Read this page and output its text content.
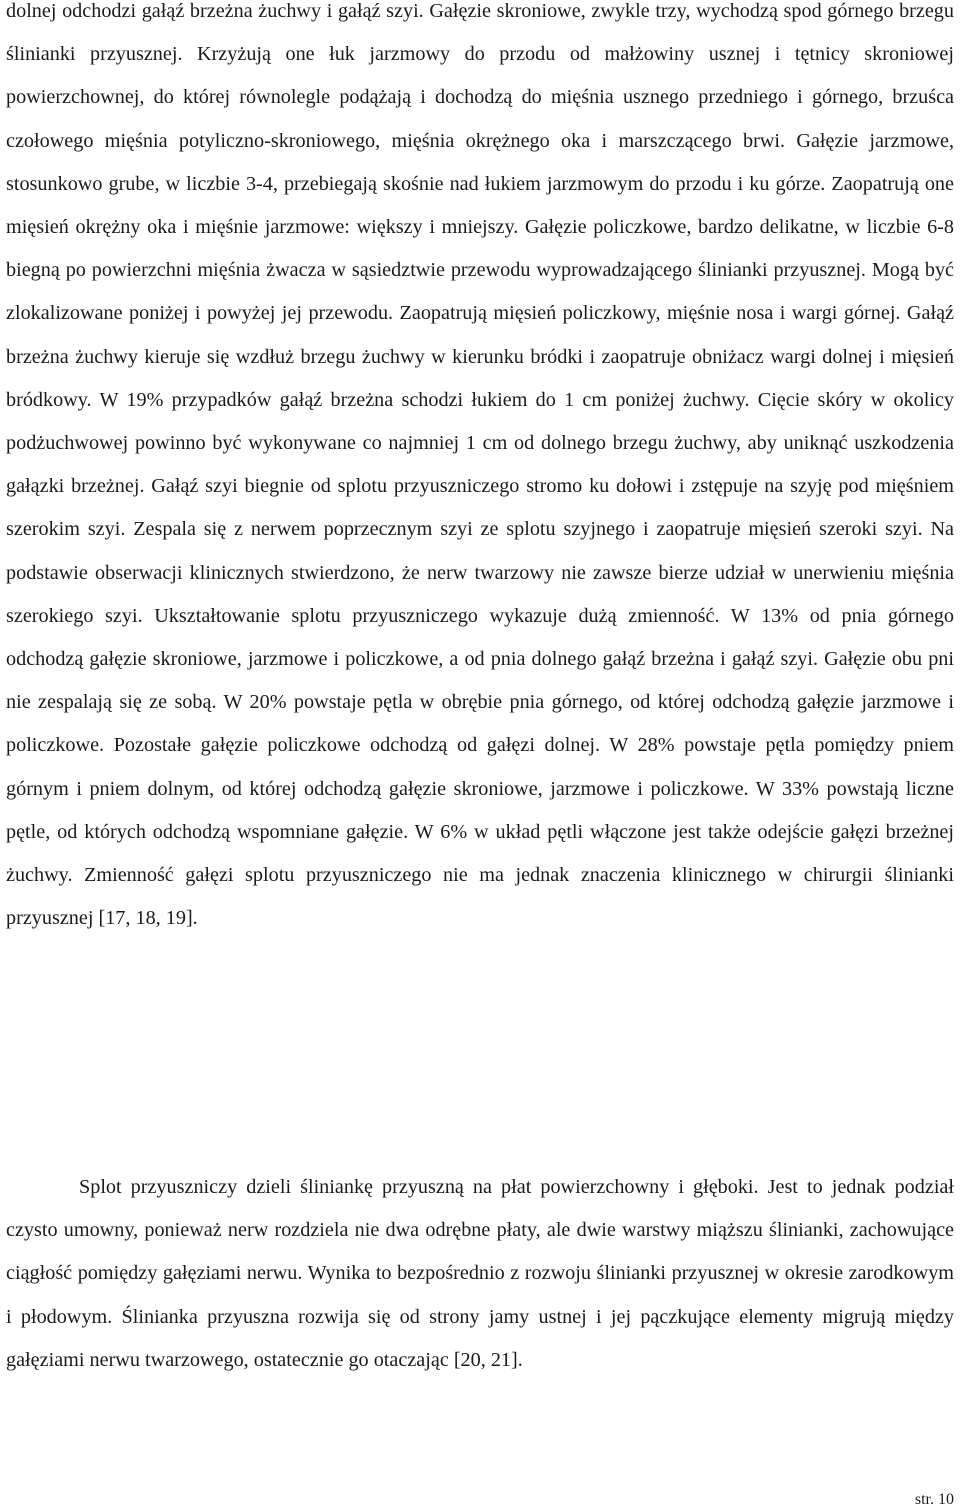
dolnej odchodzi gałąź brzeżna żuchwy i gałąź szyi. Gałęzie skroniowe, zwykle trzy, wychodzą spod górnego brzegu ślinianki przyusznej. Krzyżują one łuk jarzmowy do przodu od małżowiny usznej i tętnicy skroniowej powierzchownej, do której równolegle podążają i dochodzą do mięśnia usznego przedniego i górnego, brzuśca czołowego mięśnia potyliczno-skroniowego, mięśnia okrężnego oka i marszczącego brwi. Gałęzie jarzmowe, stosunkowo grube, w liczbie 3-4, przebiegają skośnie nad łukiem jarzmowym do przodu i ku górze. Zaopatrują one mięsień okrężny oka i mięśnie jarzmowe: większy i mniejszy. Gałęzie policzkowe, bardzo delikatne, w liczbie 6-8 biegną po powierzchni mięśnia żwacza w sąsiedztwie przewodu wyprowadzającego ślinianki przyusznej. Mogą być zlokalizowane poniżej i powyżej jej przewodu. Zaopatrują mięsień policzkowy, mięśnie nosa i wargi górnej. Gałąź brzeżna żuchwy kieruje się wzdłuż brzegu żuchwy w kierunku bródki i zaopatruje obniżacz wargi dolnej i mięsień bródkowy. W 19% przypadków gałąź brzeżna schodzi łukiem do 1 cm poniżej żuchwy. Cięcie skóry w okolicy podżuchwowej powinno być wykonywane co najmniej 1 cm od dolnego brzegu żuchwy, aby uniknąć uszkodzenia gałązki brzeżnej. Gałąź szyi biegnie od splotu przyuszniczego stromo ku dołowi i zstępuje na szyję pod mięśniem szerokim szyi. Zespala się z nerwem poprzecznym szyi ze splotu szyjnego i zaopatruje mięsień szeroki szyi. Na podstawie obserwacji klinicznych stwierdzono, że nerw twarzowy nie zawsze bierze udział w unerwieniu mięśnia szerokiego szyi. Ukształtowanie splotu przyuszniczego wykazuje dużą zmienność. W 13% od pnia górnego odchodzą gałęzie skroniowe, jarzmowe i policzkowe, a od pnia dolnego gałąź brzeżna i gałąź szyi. Gałęzie obu pni nie zespalają się ze sobą. W 20% powstaje pętla w obrębie pnia górnego, od której odchodzą gałęzie jarzmowe i policzkowe. Pozostałe gałęzie policzkowe odchodzą od gałęzi dolnej. W 28% powstaje pętla pomiędzy pniem górnym i pniem dolnym, od której odchodzą gałęzie skroniowe, jarzmowe i policzkowe. W 33% powstają liczne pętle, od których odchodzą wspomniane gałęzie. W 6% w układ pętli włączone jest także odejście gałęzi brzeżnej żuchwy. Zmienność gałęzi splotu przyuszniczego nie ma jednak znaczenia klinicznego w chirurgii ślinianki przyusznej [17, 18, 19].

Splot przyuszniczy dzieli śliniankę przyuszną na płat powierzchowny i głęboki. Jest to jednak podział czysto umowny, ponieważ nerw rozdziela nie dwa odrębne płaty, ale dwie warstwy miąższu ślinianki, zachowujące ciągłość pomiędzy gałęziami nerwu. Wynika to bezpośrednio z rozwoju ślinianki przyusznej w okresie zarodkowym i płodowym. Ślinianka przyuszna rozwija się od strony jamy ustnej i jej pączkujące elementy migrują między gałęziami nerwu twarzowego, ostatecznie go otaczając [20, 21].

str. 10
